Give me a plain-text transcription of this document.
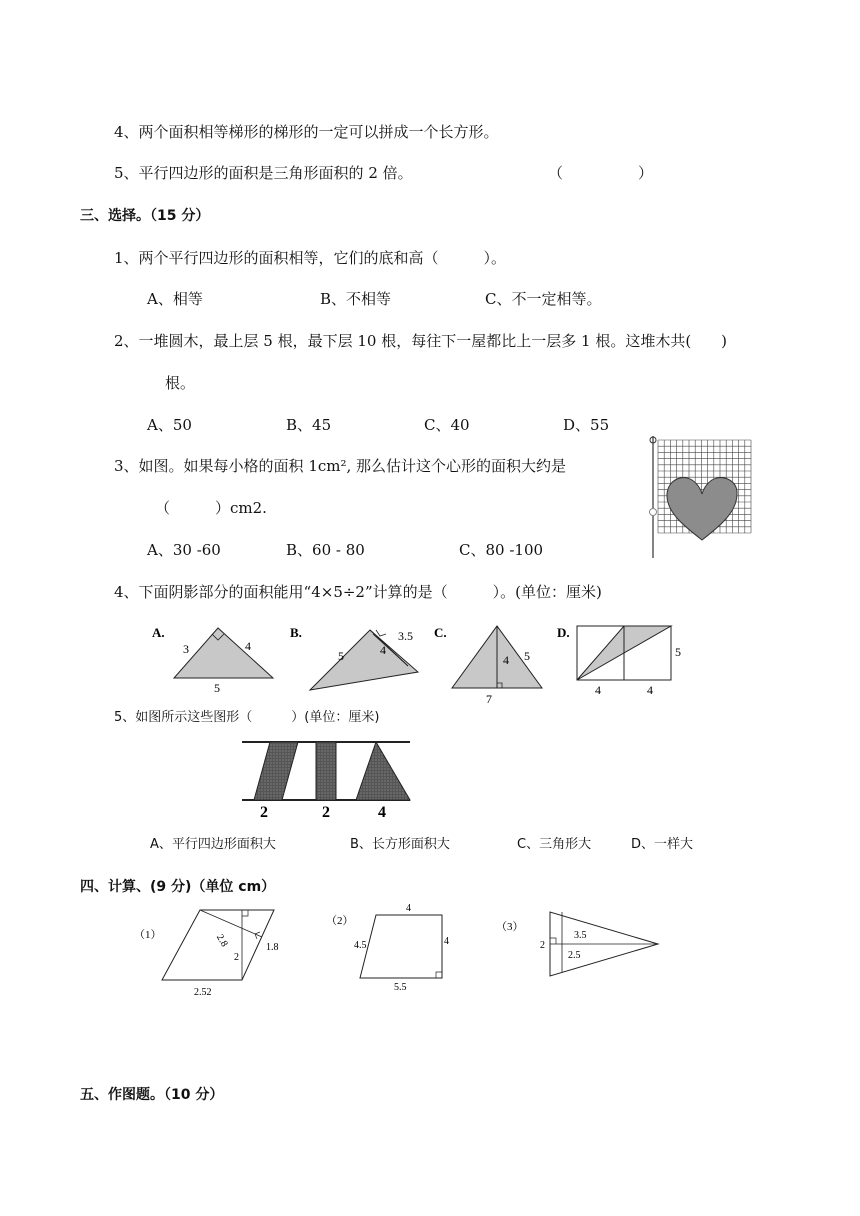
4、两个面积相等梯形的梯形的一定可以拼成一个长方形。
5、平行四边形的面积是三角形面积的 2 倍。	（　　　　　）
三、选择。（15 分）
1、两个平行四边形的面积相等，它们的底和高（　　　）。
A、相等	B、不相等	C、不一定相等。
2、一堆圆木，最上层 5 根，最下层 10 根，每往下一屋都比上一层多 1 根。这堆木共(　　)
根。
A、50	B、45	C、40	D、55
3、如图。如果每小格的面积 1cm², 那么估计这个心形的面积大约是
（　　　）cm2.
A、30 -60	B、60 - 80	C、80 -100
4、下面阴影部分的面积能用“4×5÷2”计算的是（　　　）。(单位：厘米)
A.
3	4
5
B.
5	4
3.5 C.
4 5
7
D.
5
4	4
5、如图所示这些图形（　　　）(单位：厘米)
2	2	4
A、平行四边形面积大	B、长方形面积大	C、三角形大	D、一样大
四、计算、(9 分)（单位 cm）
（1）	2.8
2
1.8
2.52
（2）
4
4.5	4
5.5
（3）
2
3.5
2.5
五、作图题。（10 分）
